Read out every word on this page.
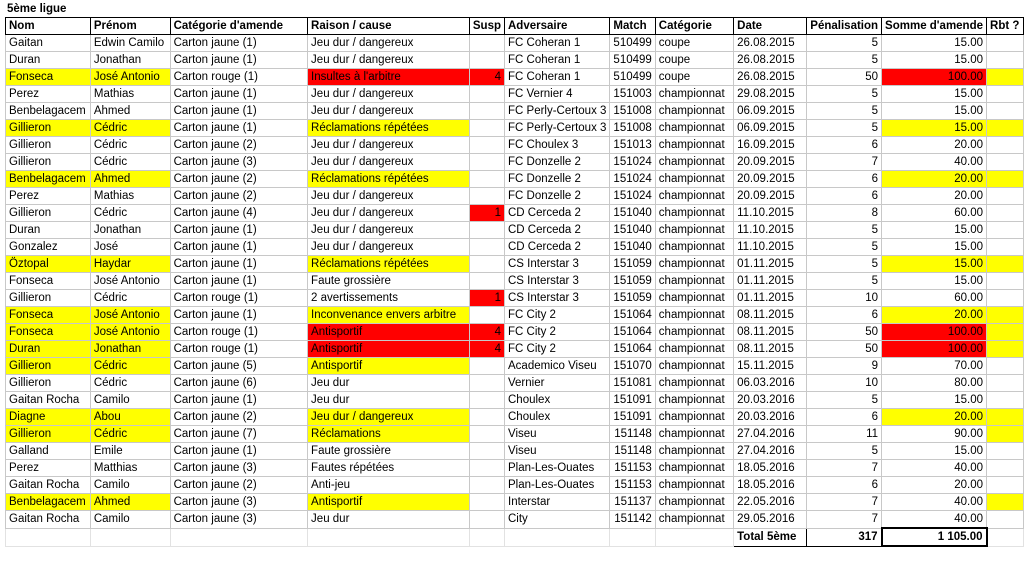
5ème ligue
Nom	Prénom	Catégorie d'amende	Raison / cause	Susp	Adversaire	Match	Catégorie	Date	Pénalisation	Somme d'amende	Rbt ?
Gaitan	Edwin Camilo	Carton jaune (1)	Jeu dur / dangereux		FC Coheran 1	510499	coupe	26.08.2015	5	15.00	
Duran	Jonathan	Carton jaune (1)	Jeu dur / dangereux		FC Coheran 1	510499	coupe	26.08.2015	5	15.00	
Fonseca	José Antonio	Carton rouge (1)	Insultes à l'arbitre	4	FC Coheran 1	510499	coupe	26.08.2015	50	100.00	
Perez	Mathias	Carton jaune (1)	Jeu dur / dangereux		FC Vernier 4	151003	championnat	29.08.2015	5	15.00	
Benbelagacem	Ahmed	Carton jaune (1)	Jeu dur / dangereux		FC Perly-Certoux 3	151008	championnat	06.09.2015	5	15.00	
Gillieron	Cédric	Carton jaune (1)	Réclamations répétées		FC Perly-Certoux 3	151008	championnat	06.09.2015	5	15.00	
Gillieron	Cédric	Carton jaune (2)	Jeu dur / dangereux		FC Choulex 3	151013	championnat	16.09.2015	6	20.00	
Gillieron	Cédric	Carton jaune (3)	Jeu dur / dangereux		FC Donzelle 2	151024	championnat	20.09.2015	7	40.00	
Benbelagacem	Ahmed	Carton jaune (2)	Réclamations répétées		FC Donzelle 2	151024	championnat	20.09.2015	6	20.00	
Perez	Mathias	Carton jaune (2)	Jeu dur / dangereux		FC Donzelle 2	151024	championnat	20.09.2015	6	20.00	
Gillieron	Cédric	Carton jaune (4)	Jeu dur / dangereux	1	CD Cerceda 2	151040	championnat	11.10.2015	8	60.00	
Duran	Jonathan	Carton jaune (1)	Jeu dur / dangereux		CD Cerceda 2	151040	championnat	11.10.2015	5	15.00	
Gonzalez	José	Carton jaune (1)	Jeu dur / dangereux		CD Cerceda 2	151040	championnat	11.10.2015	5	15.00	
Öztopal	Haydar	Carton jaune (1)	Réclamations répétées		CS Interstar 3	151059	championnat	01.11.2015	5	15.00	
Fonseca	José Antonio	Carton jaune (1)	Faute grossière		CS Interstar 3	151059	championnat	01.11.2015	5	15.00	
Gillieron	Cédric	Carton rouge (1)	2 avertissements	1	CS Interstar 3	151059	championnat	01.11.2015	10	60.00	
Fonseca	José Antonio	Carton jaune (1)	Inconvenance envers arbitre		FC City 2	151064	championnat	08.11.2015	6	20.00	
Fonseca	José Antonio	Carton rouge (1)	Antisportif	4	FC City 2	151064	championnat	08.11.2015	50	100.00	
Duran	Jonathan	Carton rouge (1)	Antisportif	4	FC City 2	151064	championnat	08.11.2015	50	100.00	
Gillieron	Cédric	Carton jaune (5)	Antisportif		Academico Viseu	151070	championnat	15.11.2015	9	70.00	
Gillieron	Cédric	Carton jaune (6)	Jeu dur		Vernier	151081	championnat	06.03.2016	10	80.00	
Gaitan Rocha	Camilo	Carton jaune (1)	Jeu dur		Choulex	151091	championnat	20.03.2016	5	15.00	
Diagne	Abou	Carton jaune (2)	Jeu dur / dangereux		Choulex	151091	championnat	20.03.2016	6	20.00	
Gillieron	Cédric	Carton jaune (7)	Réclamations		Viseu	151148	championnat	27.04.2016	11	90.00	
Galland	Emile	Carton jaune (1)	Faute grossière		Viseu	151148	championnat	27.04.2016	5	15.00	
Perez	Matthias	Carton jaune (3)	Fautes répétées		Plan-Les-Ouates	151153	championnat	18.05.2016	7	40.00	
Gaitan Rocha	Camilo	Carton jaune (2)	Anti-jeu		Plan-Les-Ouates	151153	championnat	18.05.2016	6	20.00	
Benbelagacem	Ahmed	Carton jaune (3)	Antisportif		Interstar	151137	championnat	22.05.2016	7	40.00	
Gaitan Rocha	Camilo	Carton jaune (3)	Jeu dur		City	151142	championnat	29.05.2016	7	40.00	
								Total 5ème	317	1 105.00	
